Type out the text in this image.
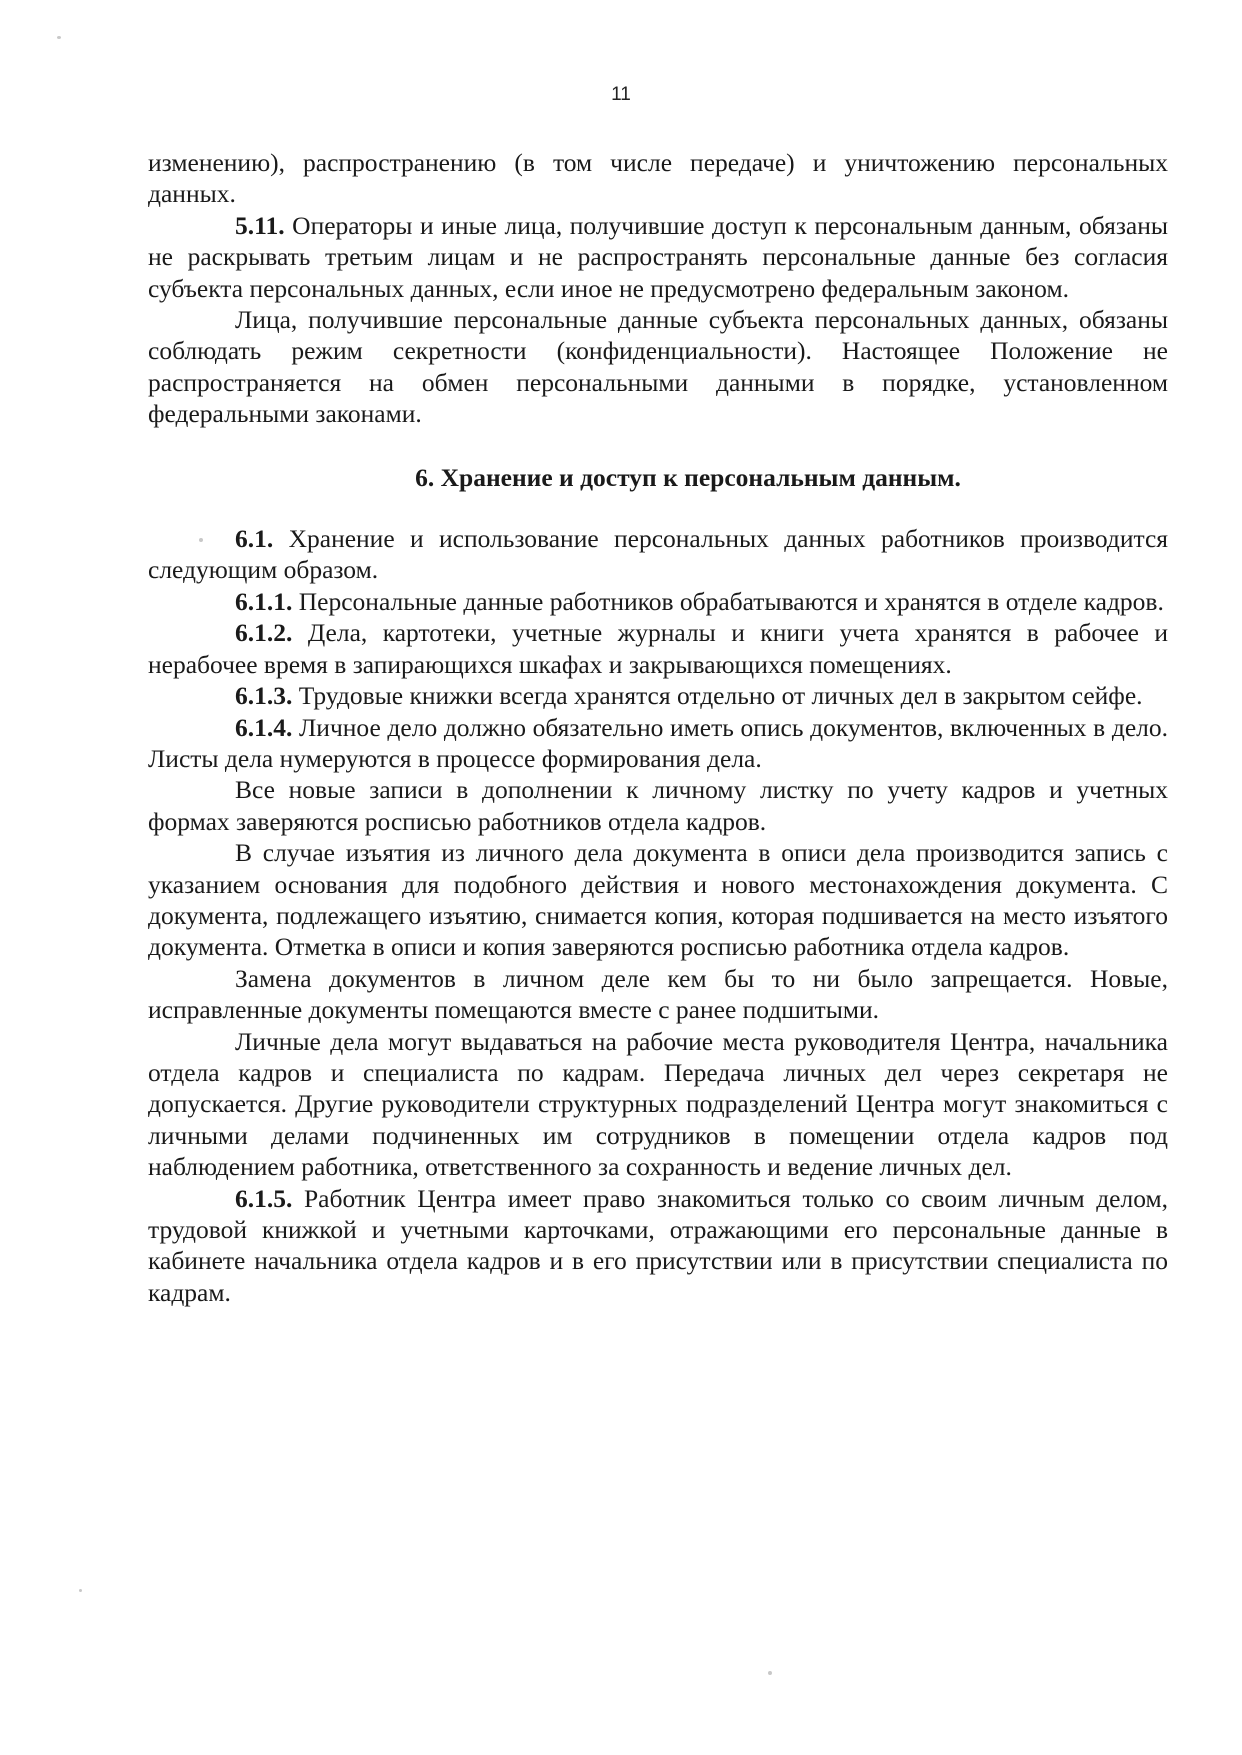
11

изменению), распространению (в том числе передаче) и уничтожению персональных данных.

5.11. Операторы и иные лица, получившие доступ к персональным данным, обязаны не раскрывать третьим лицам и не распространять персональные данные без согласия субъекта персональных данных, если иное не предусмотрено федеральным законом.

Лица, получившие персональные данные субъекта персональных данных, обязаны соблюдать режим секретности (конфиденциальности). Настоящее Положение не распространяется на обмен персональными данными в порядке, установленном федеральными законами.

6. Хранение и доступ к персональным данным.

6.1. Хранение и использование персональных данных работников производится следующим образом.

6.1.1. Персональные данные работников обрабатываются и хранятся в отделе кадров.

6.1.2. Дела, картотеки, учетные журналы и книги учета хранятся в рабочее и нерабочее время в запирающихся шкафах и закрывающихся помещениях.

6.1.3. Трудовые книжки всегда хранятся отдельно от личных дел в закрытом сейфе.

6.1.4. Личное дело должно обязательно иметь опись документов, включенных в дело. Листы дела нумеруются в процессе формирования дела.

Все новые записи в дополнении к личному листку по учету кадров и учетных формах заверяются росписью работников отдела кадров.

В случае изъятия из личного дела документа в описи дела производится запись с указанием основания для подобного действия и нового местонахождения документа. С документа, подлежащего изъятию, снимается копия, которая подшивается на место изъятого документа. Отметка в описи и копия заверяются росписью работника отдела кадров.

Замена документов в личном деле кем бы то ни было запрещается. Новые, исправленные документы помещаются вместе с ранее подшитыми.

Личные дела могут выдаваться на рабочие места руководителя Центра, начальника отдела кадров и специалиста по кадрам. Передача личных дел через секретаря не допускается. Другие руководители структурных подразделений Центра могут знакомиться с личными делами подчиненных им сотрудников в помещении отдела кадров под наблюдением работника, ответственного за сохранность и ведение личных дел.

6.1.5. Работник Центра имеет право знакомиться только со своим личным делом, трудовой книжкой и учетными карточками, отражающими его персональные данные в кабинете начальника отдела кадров и в его присутствии или в присутствии специалиста по кадрам.
